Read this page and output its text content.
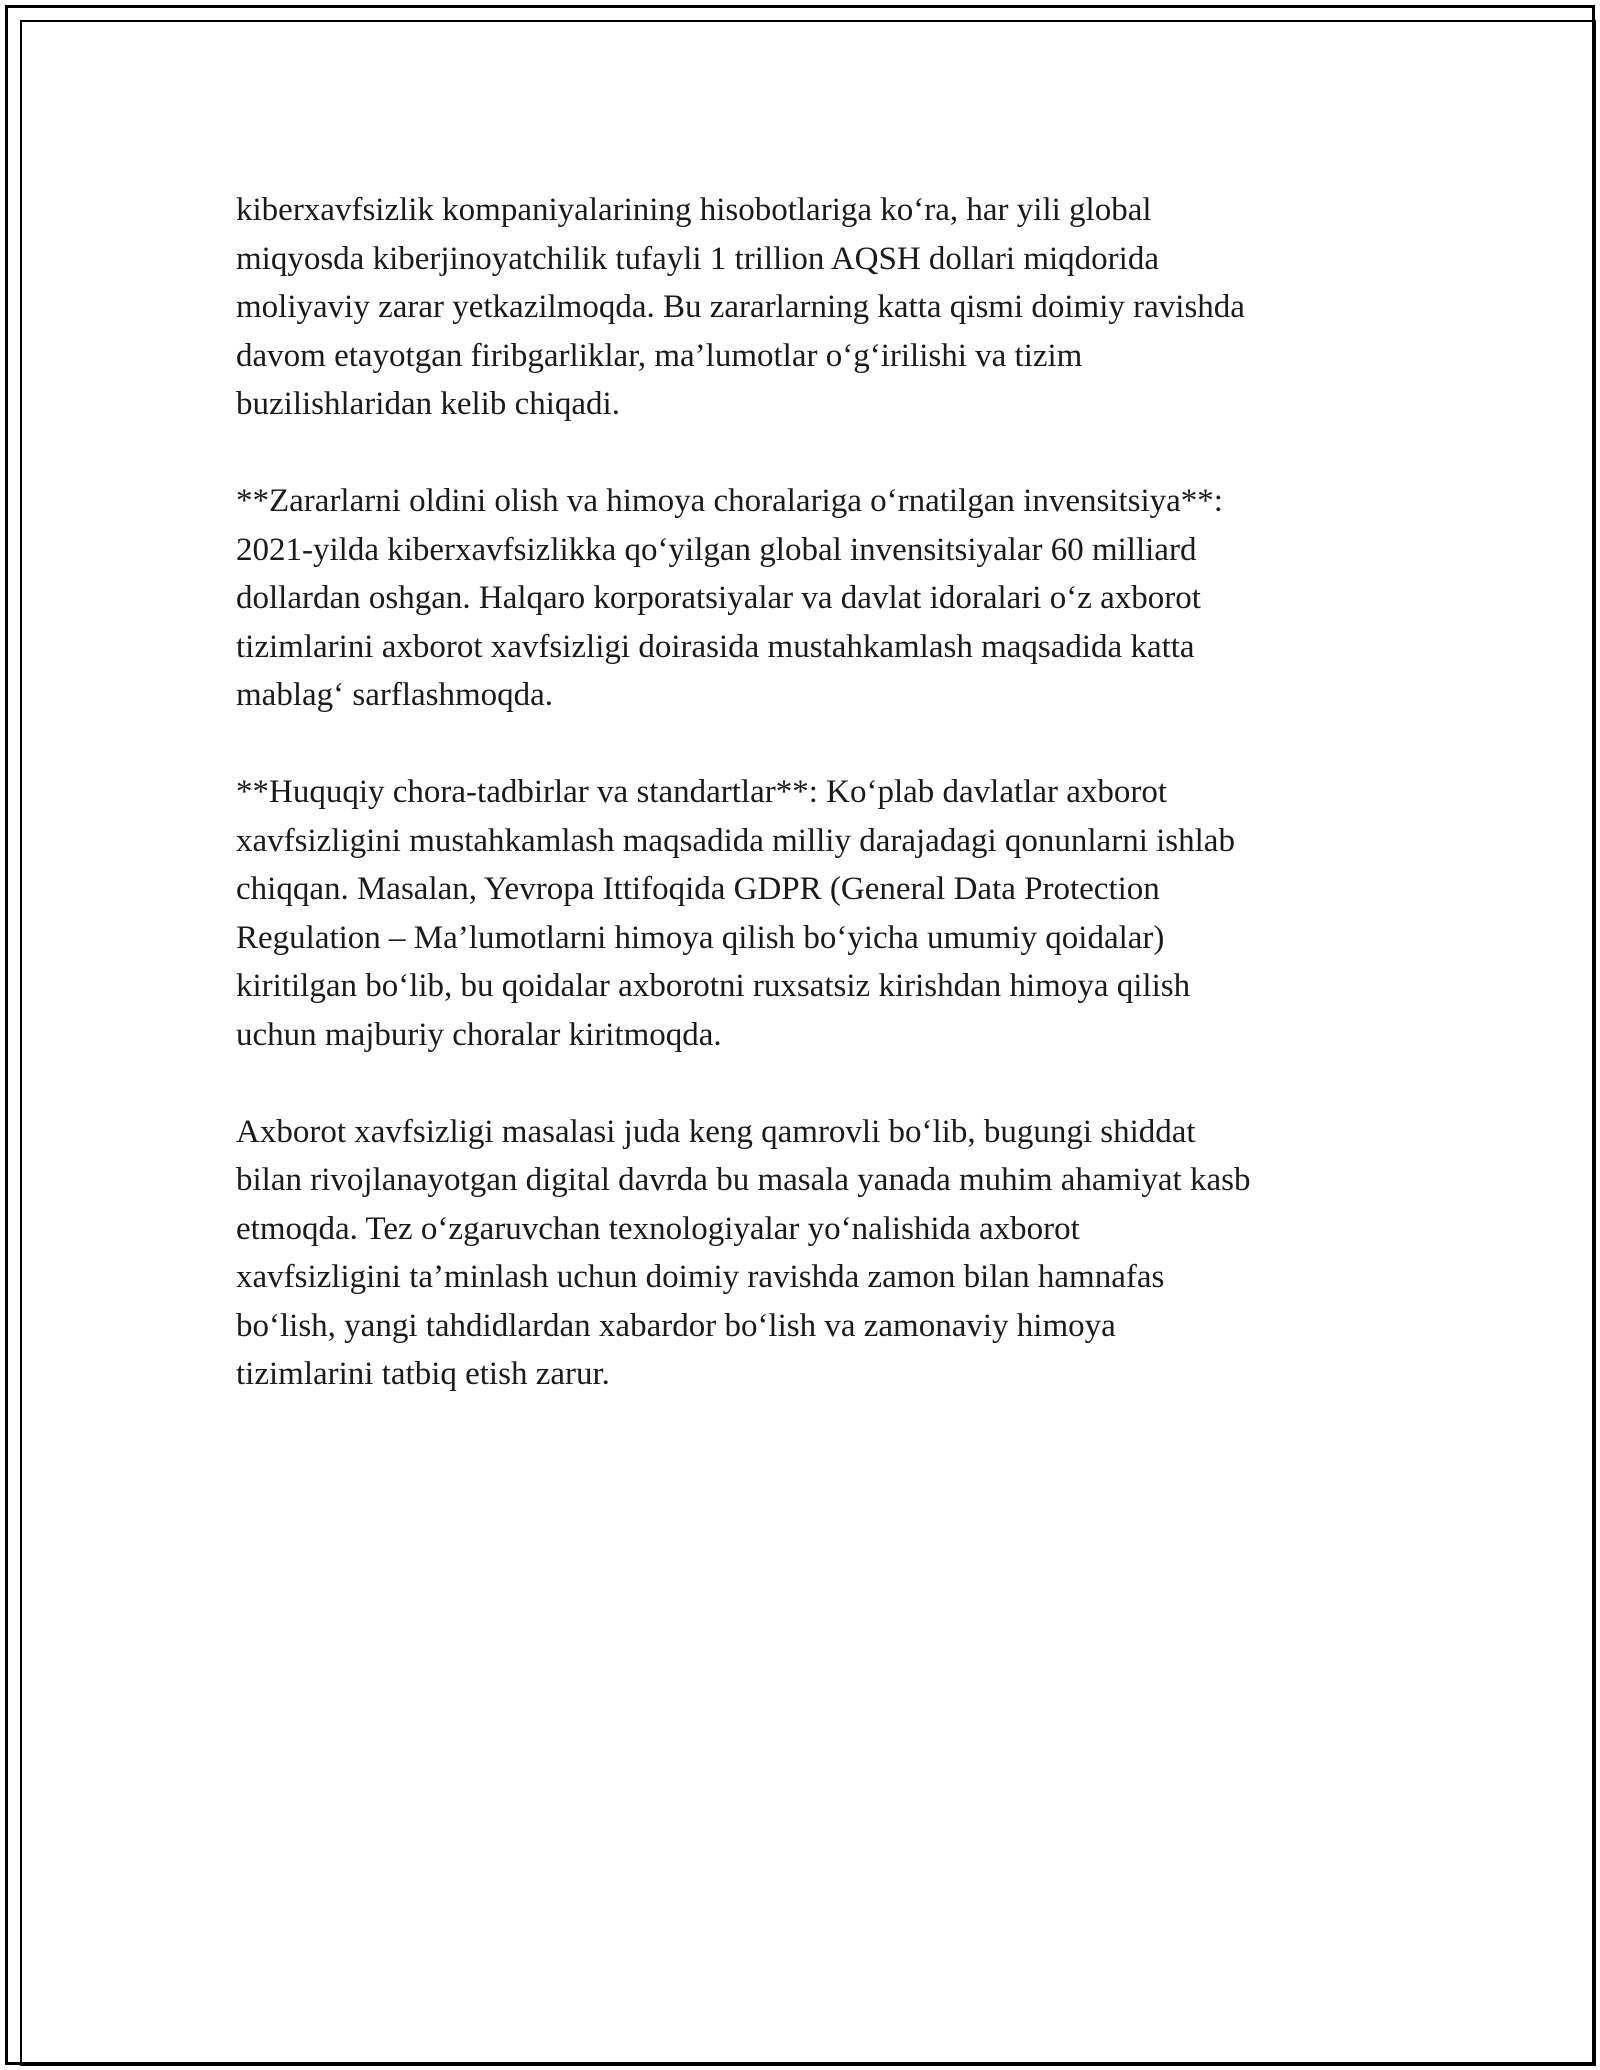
kiberxavfsizlik kompaniyalarining hisobotlariga koʻra, har yili global
miqyosda kiberjinoyatchilik tufayli 1 trillion AQSH dollari miqdorida
moliyaviy zarar yetkazilmoqda. Bu zararlarning katta qismi doimiy ravishda
davom etayotgan firibgarliklar, ma’lumotlar oʻgʻirilishi va tizim
buzilishlaridan kelib chiqadi.

**Zararlarni oldini olish va himoya choralariga oʻrnatilgan invensitsiya**:
2021-yilda kiberxavfsizlikka qoʻyilgan global invensitsiyalar 60 milliard
dollardan oshgan. Halqaro korporatsiyalar va davlat idoralari oʻz axborot
tizimlarini axborot xavfsizligi doirasida mustahkamlash maqsadida katta
mablagʻ sarflashmoqda.

**Huquqiy chora-tadbirlar va standartlar**: Koʻplab davlatlar axborot
xavfsizligini mustahkamlash maqsadida milliy darajadagi qonunlarni ishlab
chiqqan. Masalan, Yevropa Ittifoqida GDPR (General Data Protection
Regulation – Ma’lumotlarni himoya qilish boʻyicha umumiy qoidalar)
kiritilgan boʻlib, bu qoidalar axborotni ruxsatsiz kirishdan himoya qilish
uchun majburiy choralar kiritmoqda.

Axborot xavfsizligi masalasi juda keng qamrovli boʻlib, bugungi shiddat
bilan rivojlanayotgan digital davrda bu masala yanada muhim ahamiyat kasb
etmoqda. Tez oʻzgaruvchan texnologiyalar yoʻnalishida axborot
xavfsizligini ta’minlash uchun doimiy ravishda zamon bilan hamnafas
boʻlish, yangi tahdidlardan xabardor boʻlish va zamonaviy himoya
tizimlarini tatbiq etish zarur.
